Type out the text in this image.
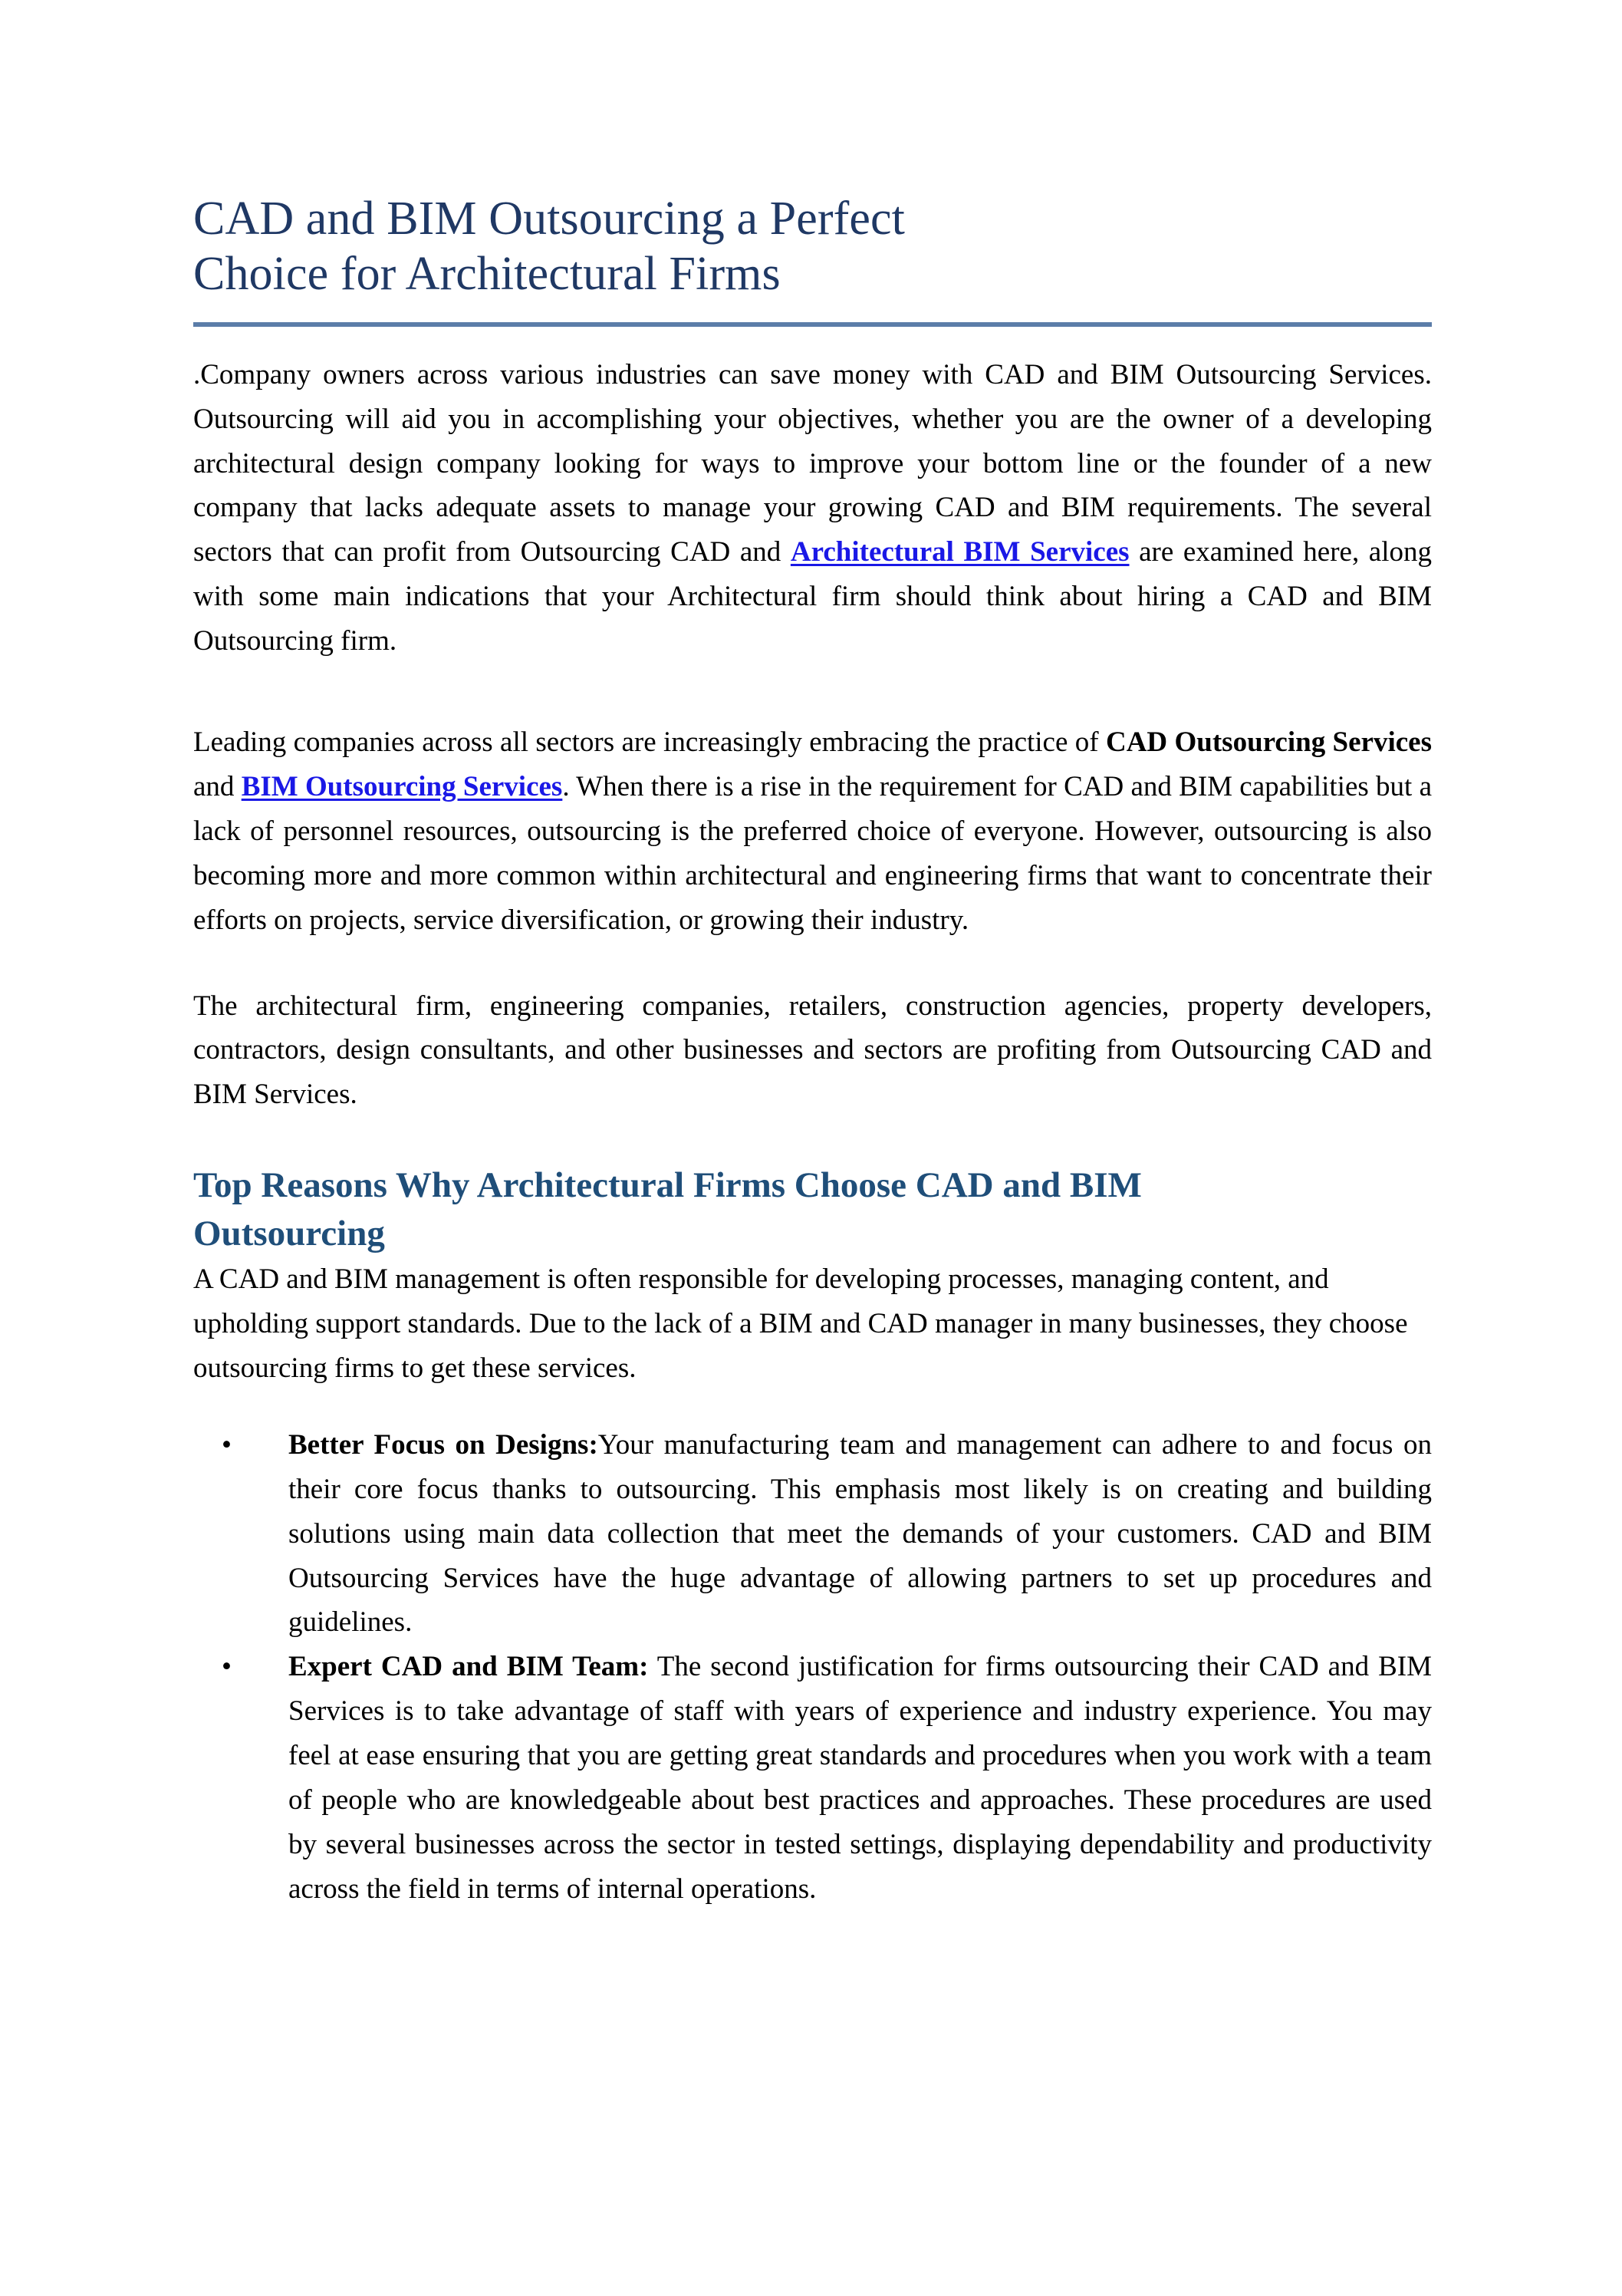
CAD and BIM Outsourcing a Perfect
Choice for Architectural Firms

.Company owners across various industries can save money with CAD and BIM Outsourcing Services. Outsourcing will aid you in accomplishing your objectives, whether you are the owner of a developing architectural design company looking for ways to improve your bottom line or the founder of a new company that lacks adequate assets to manage your growing CAD and BIM requirements. The several sectors that can profit from Outsourcing CAD and Architectural BIM Services are examined here, along with some main indications that your Architectural firm should think about hiring a CAD and BIM Outsourcing firm.

Leading companies across all sectors are increasingly embracing the practice of CAD Outsourcing Services and BIM Outsourcing Services. When there is a rise in the requirement for CAD and BIM capabilities but a lack of personnel resources, outsourcing is the preferred choice of everyone. However, outsourcing is also becoming more and more common within architectural and engineering firms that want to concentrate their efforts on projects, service diversification, or growing their industry.

The architectural firm, engineering companies, retailers, construction agencies, property developers, contractors, design consultants, and other businesses and sectors are profiting from Outsourcing CAD and BIM Services.

Top Reasons Why Architectural Firms Choose CAD and BIM
Outsourcing

A CAD and BIM management is often responsible for developing processes, managing content, and upholding support standards. Due to the lack of a BIM and CAD manager in many businesses, they choose outsourcing firms to get these services.

• Better Focus on Designs:Your manufacturing team and management can adhere to and focus on their core focus thanks to outsourcing. This emphasis most likely is on creating and building solutions using main data collection that meet the demands of your customers. CAD and BIM Outsourcing Services have the huge advantage of allowing partners to set up procedures and guidelines.
• Expert CAD and BIM Team: The second justification for firms outsourcing their CAD and BIM Services is to take advantage of staff with years of experience and industry experience. You may feel at ease ensuring that you are getting great standards and procedures when you work with a team of people who are knowledgeable about best practices and approaches. These procedures are used by several businesses across the sector in tested settings, displaying dependability and productivity across the field in terms of internal operations.
